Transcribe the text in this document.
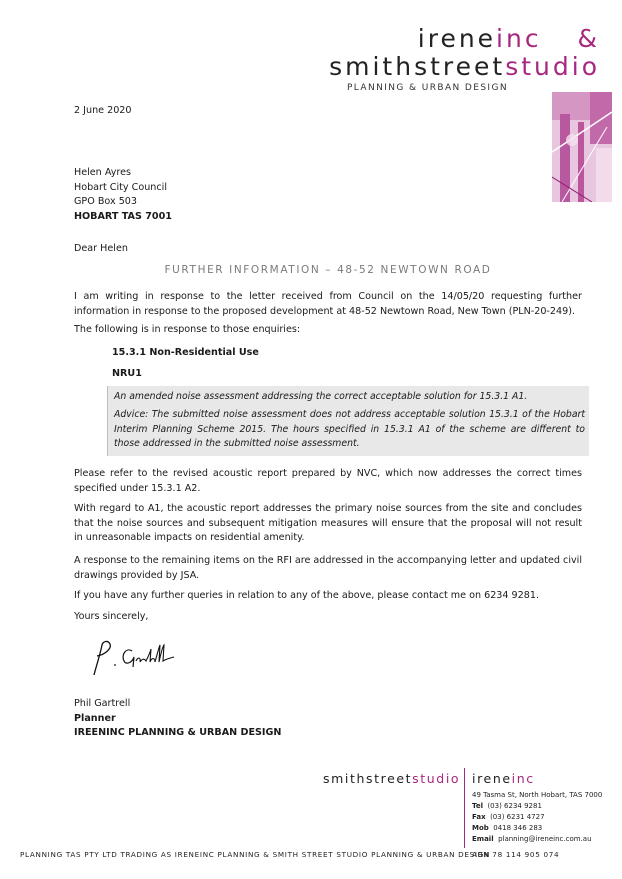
ireneinc &
smithstreetstudio
PLANNING & URBAN DESIGN
2 June 2020
Helen Ayres
Hobart City Council
GPO Box 503
HOBART TAS 7001
Dear Helen
FURTHER INFORMATION – 48-52 NEWTOWN ROAD
I am writing in response to the letter received from Council on the 14/05/20 requesting further information in response to the proposed development at 48-52 Newtown Road, New Town (PLN-20-249).
The following is in response to those enquiries:
15.3.1 Non-Residential Use
NRU1

An amended noise assessment addressing the correct acceptable solution for 15.3.1 A1.

Advice: The submitted noise assessment does not address acceptable solution 15.3.1 of the Hobart Interim Planning Scheme 2015. The hours specified in 15.3.1 A1 of the scheme are different to those addressed in the submitted noise assessment.

Please refer to the revised acoustic report prepared by NVC, which now addresses the correct times specified under 15.3.1 A2.
With regard to A1, the acoustic report addresses the primary noise sources from the site and concludes that the noise sources and subsequent mitigation measures will ensure that the proposal will not result in unreasonable impacts on residential amenity.
A response to the remaining items on the RFI are addressed in the accompanying letter and updated civil drawings provided by JSA.
If you have any further queries in relation to any of the above, please contact me on 6234 9281.
Yours sincerely,
Phil Gartrell
Planner
IREENINC PLANNING & URBAN DESIGN
smithstreetstudio ireneinc
49 Tasma St, North Hobart, TAS 7000
Tel (03) 6234 9281
Fax (03) 6231 4727
Mob 0418 346 283
Email planning@ireneinc.com.au
PLANNING TAS PTY LTD TRADING AS IRENEINC PLANNING & SMITH STREET STUDIO PLANNING & URBAN DESIGN
ABN 78 114 905 074
